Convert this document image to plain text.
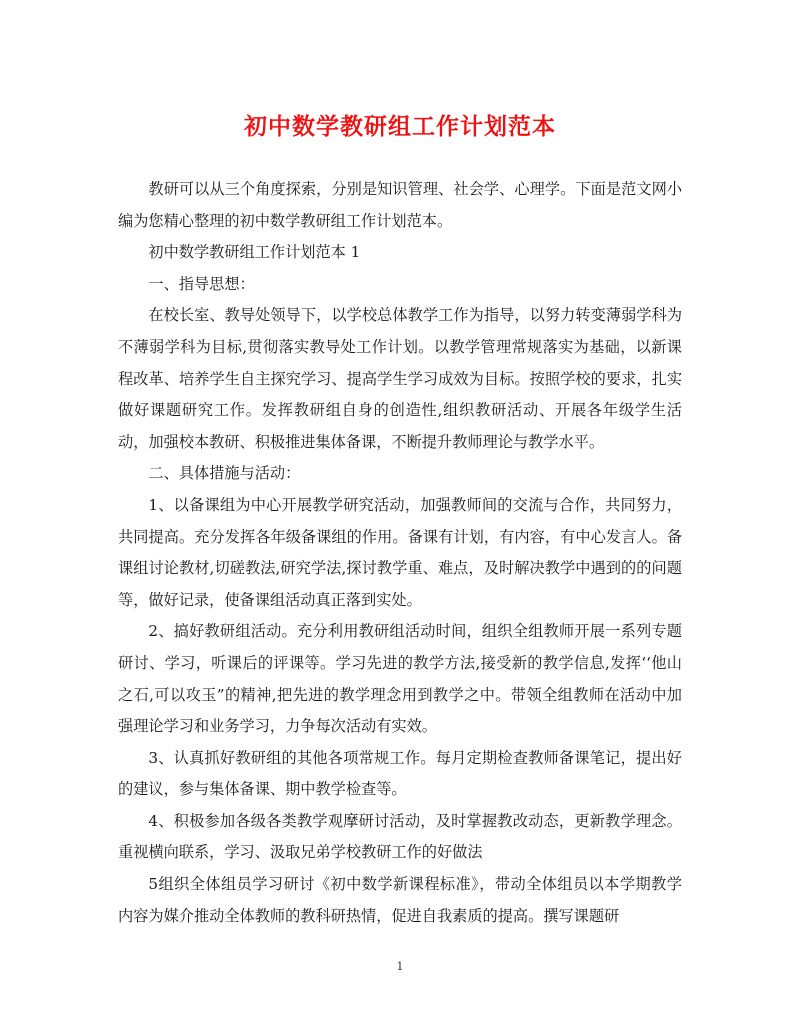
初中数学教研组工作计划范本

教研可以从三个角度探索，分别是知识管理、社会学、心理学。下面是范文网小编为您精心整理的初中数学教研组工作计划范本。

初中数学教研组工作计划范本 1

一、指导思想：

在校长室、教导处领导下，以学校总体教学工作为指导，以努力转变薄弱学科为不薄弱学科为目标,贯彻落实教导处工作计划。以教学管理常规落实为基础，以新课程改革、培养学生自主探究学习、提高学生学习成效为目标。按照学校的要求，扎实做好课题研究工作。发挥教研组自身的创造性,组织教研活动、开展各年级学生活动，加强校本教研、积极推进集体备课，不断提升教师理论与教学水平。

二、具体措施与活动：

1、以备课组为中心开展教学研究活动，加强教师间的交流与合作，共同努力，共同提高。充分发挥各年级备课组的作用。备课有计划，有内容，有中心发言人。备课组讨论教材,切磋教法,研究学法,探讨教学重、难点，及时解决教学中遇到的的问题等，做好记录，使备课组活动真正落到实处。

2、搞好教研组活动。充分利用教研组活动时间，组织全组教师开展一系列专题研讨、学习，听课后的评课等。学习先进的教学方法,接受新的教学信息,发挥‘‘他山之石,可以攻玉”的精神,把先进的教学理念用到教学之中。带领全组教师在活动中加强理论学习和业务学习，力争每次活动有实效。

3、认真抓好教研组的其他各项常规工作。每月定期检查教师备课笔记，提出好的建议，参与集体备课、期中教学检查等。

4、积极参加各级各类教学观摩研讨活动，及时掌握教改动态，更新教学理念。重视横向联系，学习、汲取兄弟学校教研工作的好做法

5组织全体组员学习研讨《初中数学新课程标准》，带动全体组员以本学期教学内容为媒介推动全体教师的教科研热情，促进自我素质的提高。撰写课题研

1
